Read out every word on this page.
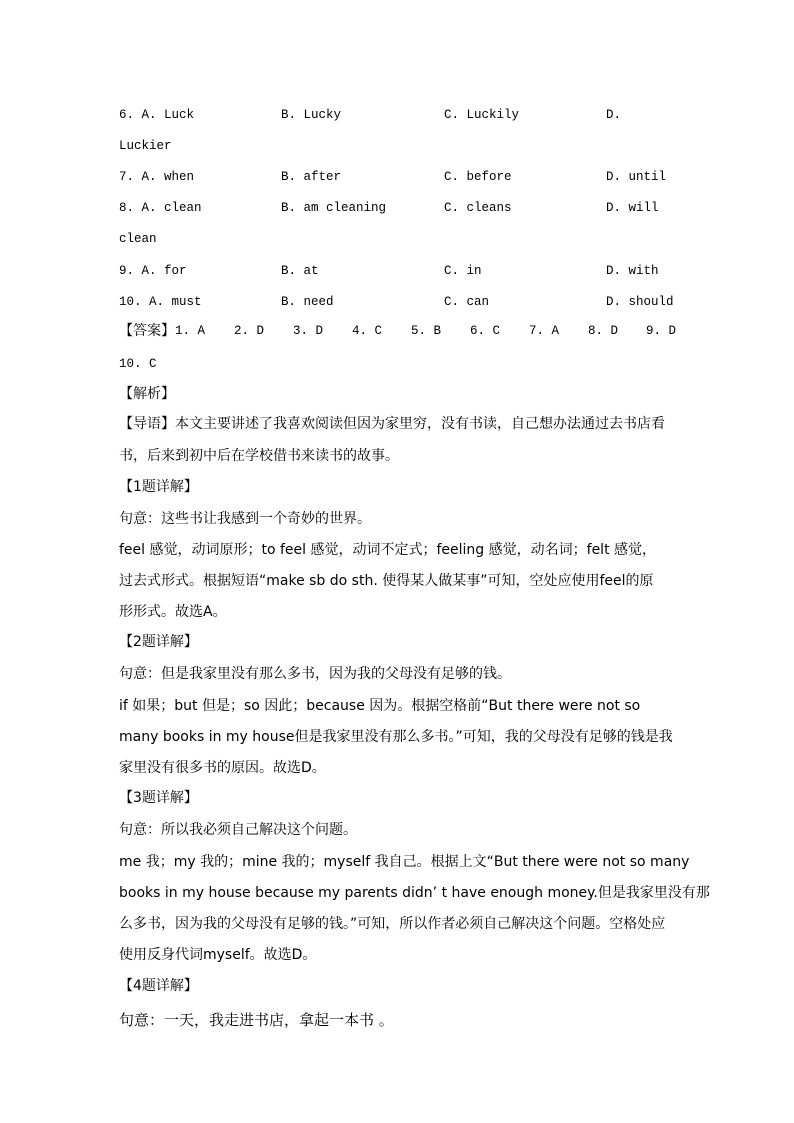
6. A. Luck	B. Lucky	C. Luckily	D.
Luckier
7. A. when	B. after	C. before	D. until
8. A. clean	B. am cleaning	C. cleans	D. will
clean
9. A. for	B. at	C. in	D. with
10. A. must	B. need	C. can	D. should
【答案】 1. A 2. D 3. D 4. C 5. B 6. C 7. A 8. D 9. D
10. C
【解析】
【导语】本文主要讲述了我喜欢阅读但因为家里穷，没有书读，自己想办法通过去书店看
书，后来到初中后在学校借书来读书的故事。
【1题详解】
句意：这些书让我感到一个奇妙的世界。
feel 感觉，动词原形；to feel 感觉，动词不定式；feeling 感觉，动名词；felt 感觉，
过去式形式。根据短语“make sb do sth. 使得某人做某事”可知，空处应使用feel的原
形形式。故选A。
【2题详解】
句意：但是我家里没有那么多书，因为我的父母没有足够的钱。
if 如果；but 但是；so 因此；because 因为。根据空格前“But there were not so
many books in my house但是我家里没有那么多书。”可知，我的父母没有足够的钱是我
家里没有很多书的原因。故选D。
【3题详解】
句意：所以我必须自己解决这个问题。
me 我；my 我的；mine 我的；myself 我自己。根据上文“But there were not so many
books in my house because my parents didn’ t have enough money.但是我家里没有那
么多书，因为我的父母没有足够的钱。”可知，所以作者必须自己解决这个问题。空格处应
使用反身代词myself。故选D。
【4题详解】
句意：一天，我走进书店，拿起一本书 。
